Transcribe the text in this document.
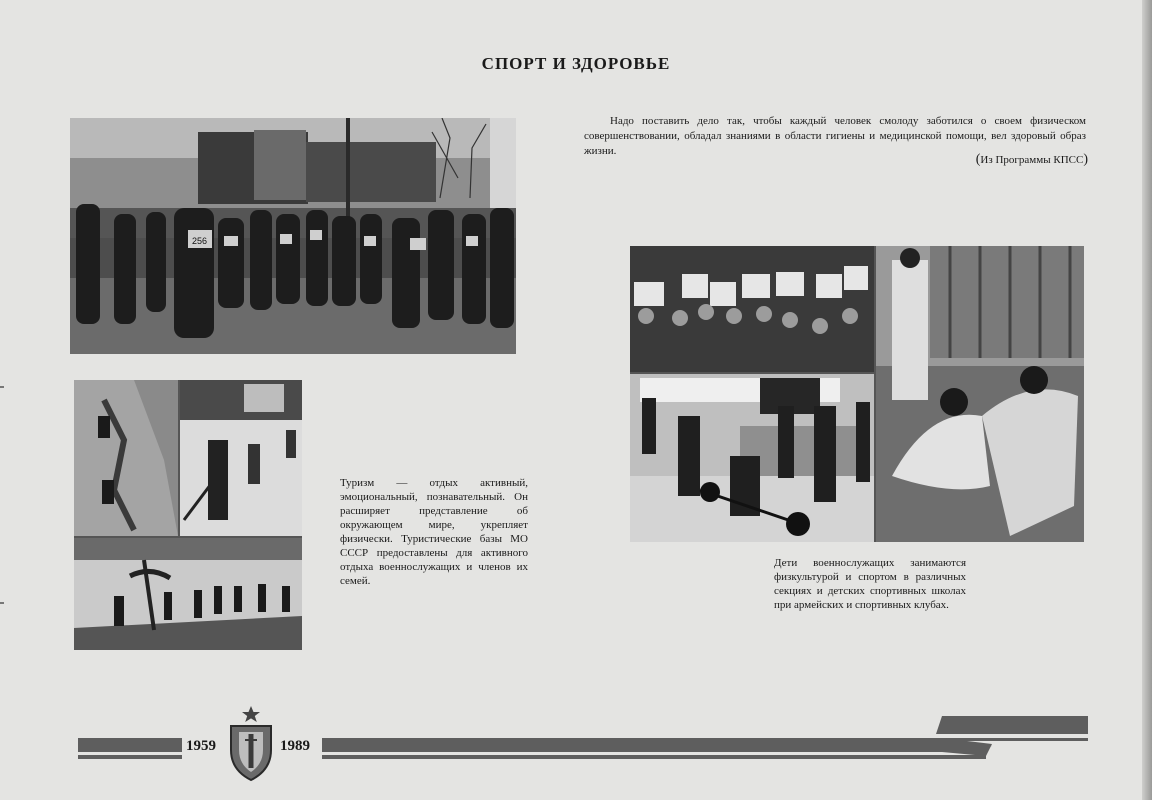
СПОРТ И ЗДОРОВЬЕ
Надо поставить дело так, чтобы каждый человек смолоду заботился о своем физическом совершенствовании, обладал знаниями в области гигиены и медицинской помощи, вел здоровый образ жизни.
(Из Программы КПСС)
256
Туризм — отдых активный, эмоциональный, познавательный. Он расширяет представление об окружающем мире, укрепляет физически. Туристические базы МО СССР предоставлены для активного отдыха военнослужащих и членов их семей.
Дети военнослужащих занимаются физкультурой и спортом в различных секциях и детских спортивных школах при армейских и спортивных клубах.
1959	1989
